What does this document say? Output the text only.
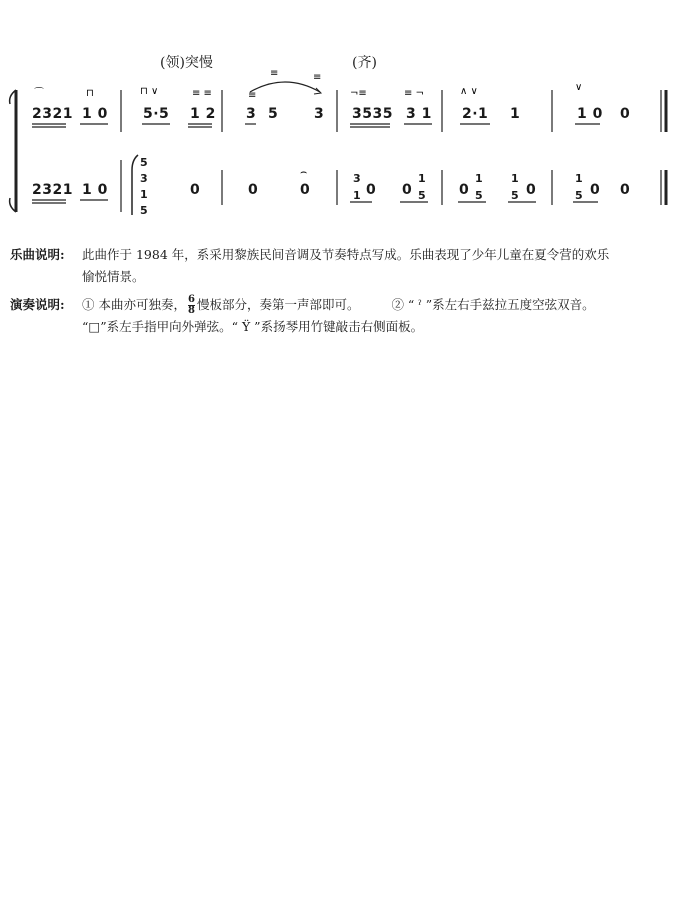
⌒	⊓	⊓ ∨	≡ ≡	≡
≡	≡
¬≡	≡ ¬	∧ ∨	∨
⌢
(领)突慢	(齐)
2321 1 0	5·5 1 2 3 5	3 3535 3 1 2·1 1	1 0 0
2321 1 0
5
3
1
5
0	0	0
3
1 0 0
1
5 0
1
5
1
5 0
1
5 0 0
乐曲说明: 此曲作于 1984 年，系采用黎族民间音调及节奏特点写成。乐曲表现了少年儿童在夏令营的欢乐
愉悦情景。
演奏说明: ① 本曲亦可独奏， $\frac{6}{8}$ 慢板部分，奏第一声部即可。	② “ ˀ ”系左右手兹拉五度空弦双音。
“□”系左手指甲向外弹弦。“ Ϋ ”系扬琴用竹键敲击右侧面板。
